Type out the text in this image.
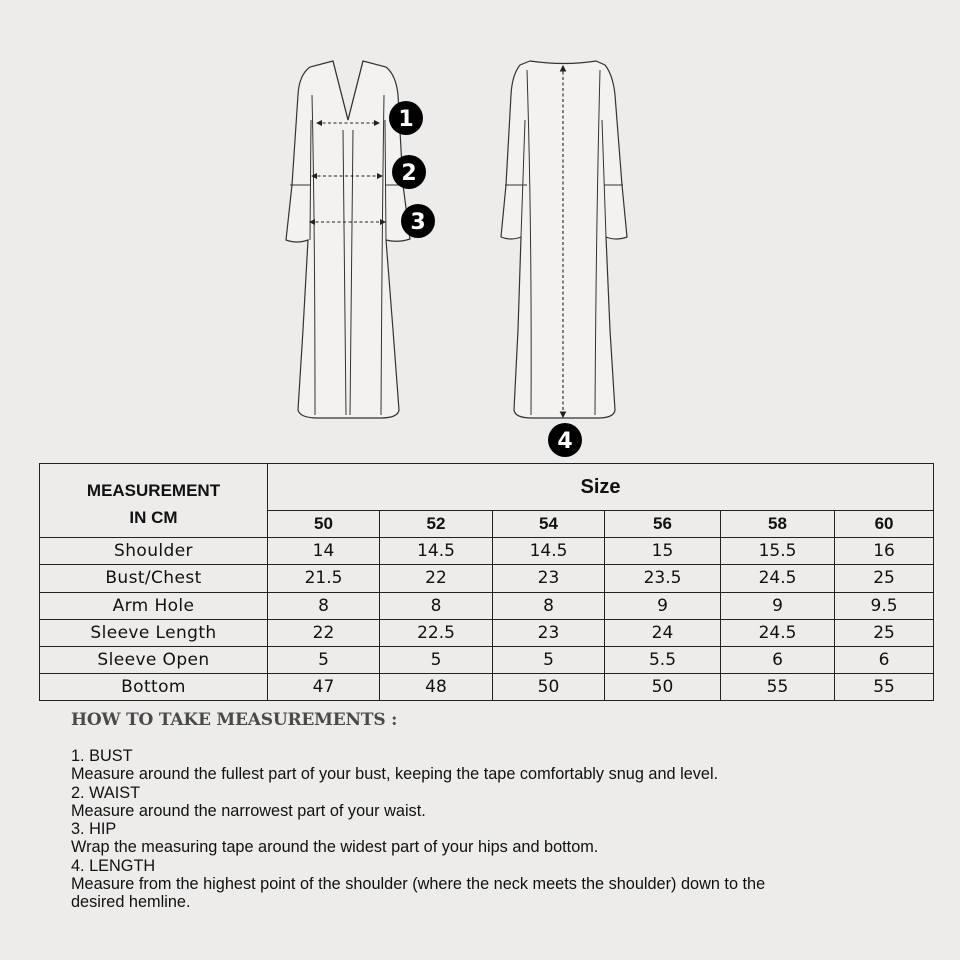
1
2
3
4
MEASUREMENT
IN CM	Size					
	50	52	54	56	58	60
Shoulder	14	14.5	14.5	15	15.5	16
Bust/Chest	21.5	22	23	23.5	24.5	25
Arm Hole	8	8	8	9	9	9.5
Sleeve Length	22	22.5	23	24	24.5	25
Sleeve Open	5	5	5	5.5	6	6
Bottom	47	48	50	50	55	55
HOW TO TAKE MEASUREMENTS :
1. BUST
Measure around the fullest part of your bust, keeping the tape comfortably snug and level.
2. WAIST
Measure around the narrowest part of your waist.
3. HIP
Wrap the measuring tape around the widest part of your hips and bottom.
4. LENGTH
Measure from the highest point of the shoulder (where the neck meets the shoulder) down to the desired hemline.
